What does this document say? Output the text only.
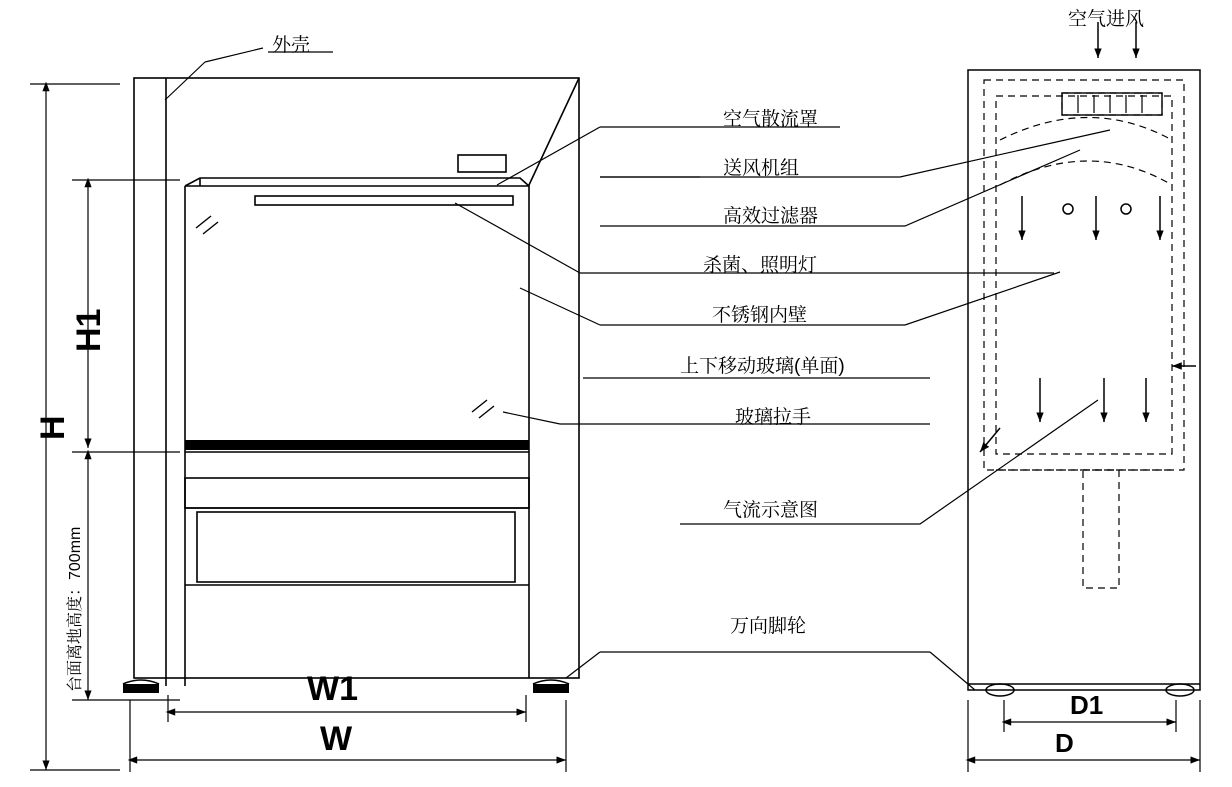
外壳
空气进风
空气散流罩
送风机组
高效过滤器
杀菌、照明灯
不锈钢内壁
上下移动玻璃(单面)
玻璃拉手
气流示意图
万向脚轮
H
H1
台面离地高度：700mm	W1
W
D1
D
